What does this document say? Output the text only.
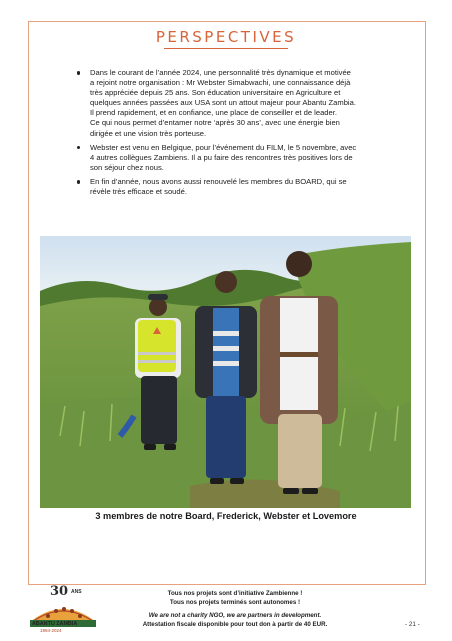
PERSPECTIVES

Dans le courant de l’année 2024, une personnalité très dynamique et motivée

a rejoint notre organisation : Mr Webster Simabwachi, une connaissance déjà

très appréciée depuis 25 ans. Son éducation universitaire en Agriculture et

quelques années passées aux USA sont un attout majeur pour Abantu Zambia.

Il prend rapidement, et en confiance, une place de conseiller et de leader.

Ce qui nous permet d’entamer notre ‘après 30 ans’, avec une énergie bien

dirigée et une vision très porteuse.

Webster est venu en Belgique, pour l’événement du FILM, le 5 novembre, avec

4 autres collègues Zambiens. Il a pu faire des rencontres très positives lors de

son séjour chez nous.

En fin d’année, nous avons aussi renouvelé les membres du BOARD, qui se

révèle très efficace et soudé.

3 membres de notre Board, Frederick, Webster et Lovemore
30 ANS
ABANTU ZAMBIA
1994-2024
Tous nos projets sont d’initiative Zambienne !
Tous nos projets terminés sont autonomes !
We are not a charity NGO, we are partners in development.
Attestation fiscale disponible pour tout don à partir de 40 EUR.	- 21 -
